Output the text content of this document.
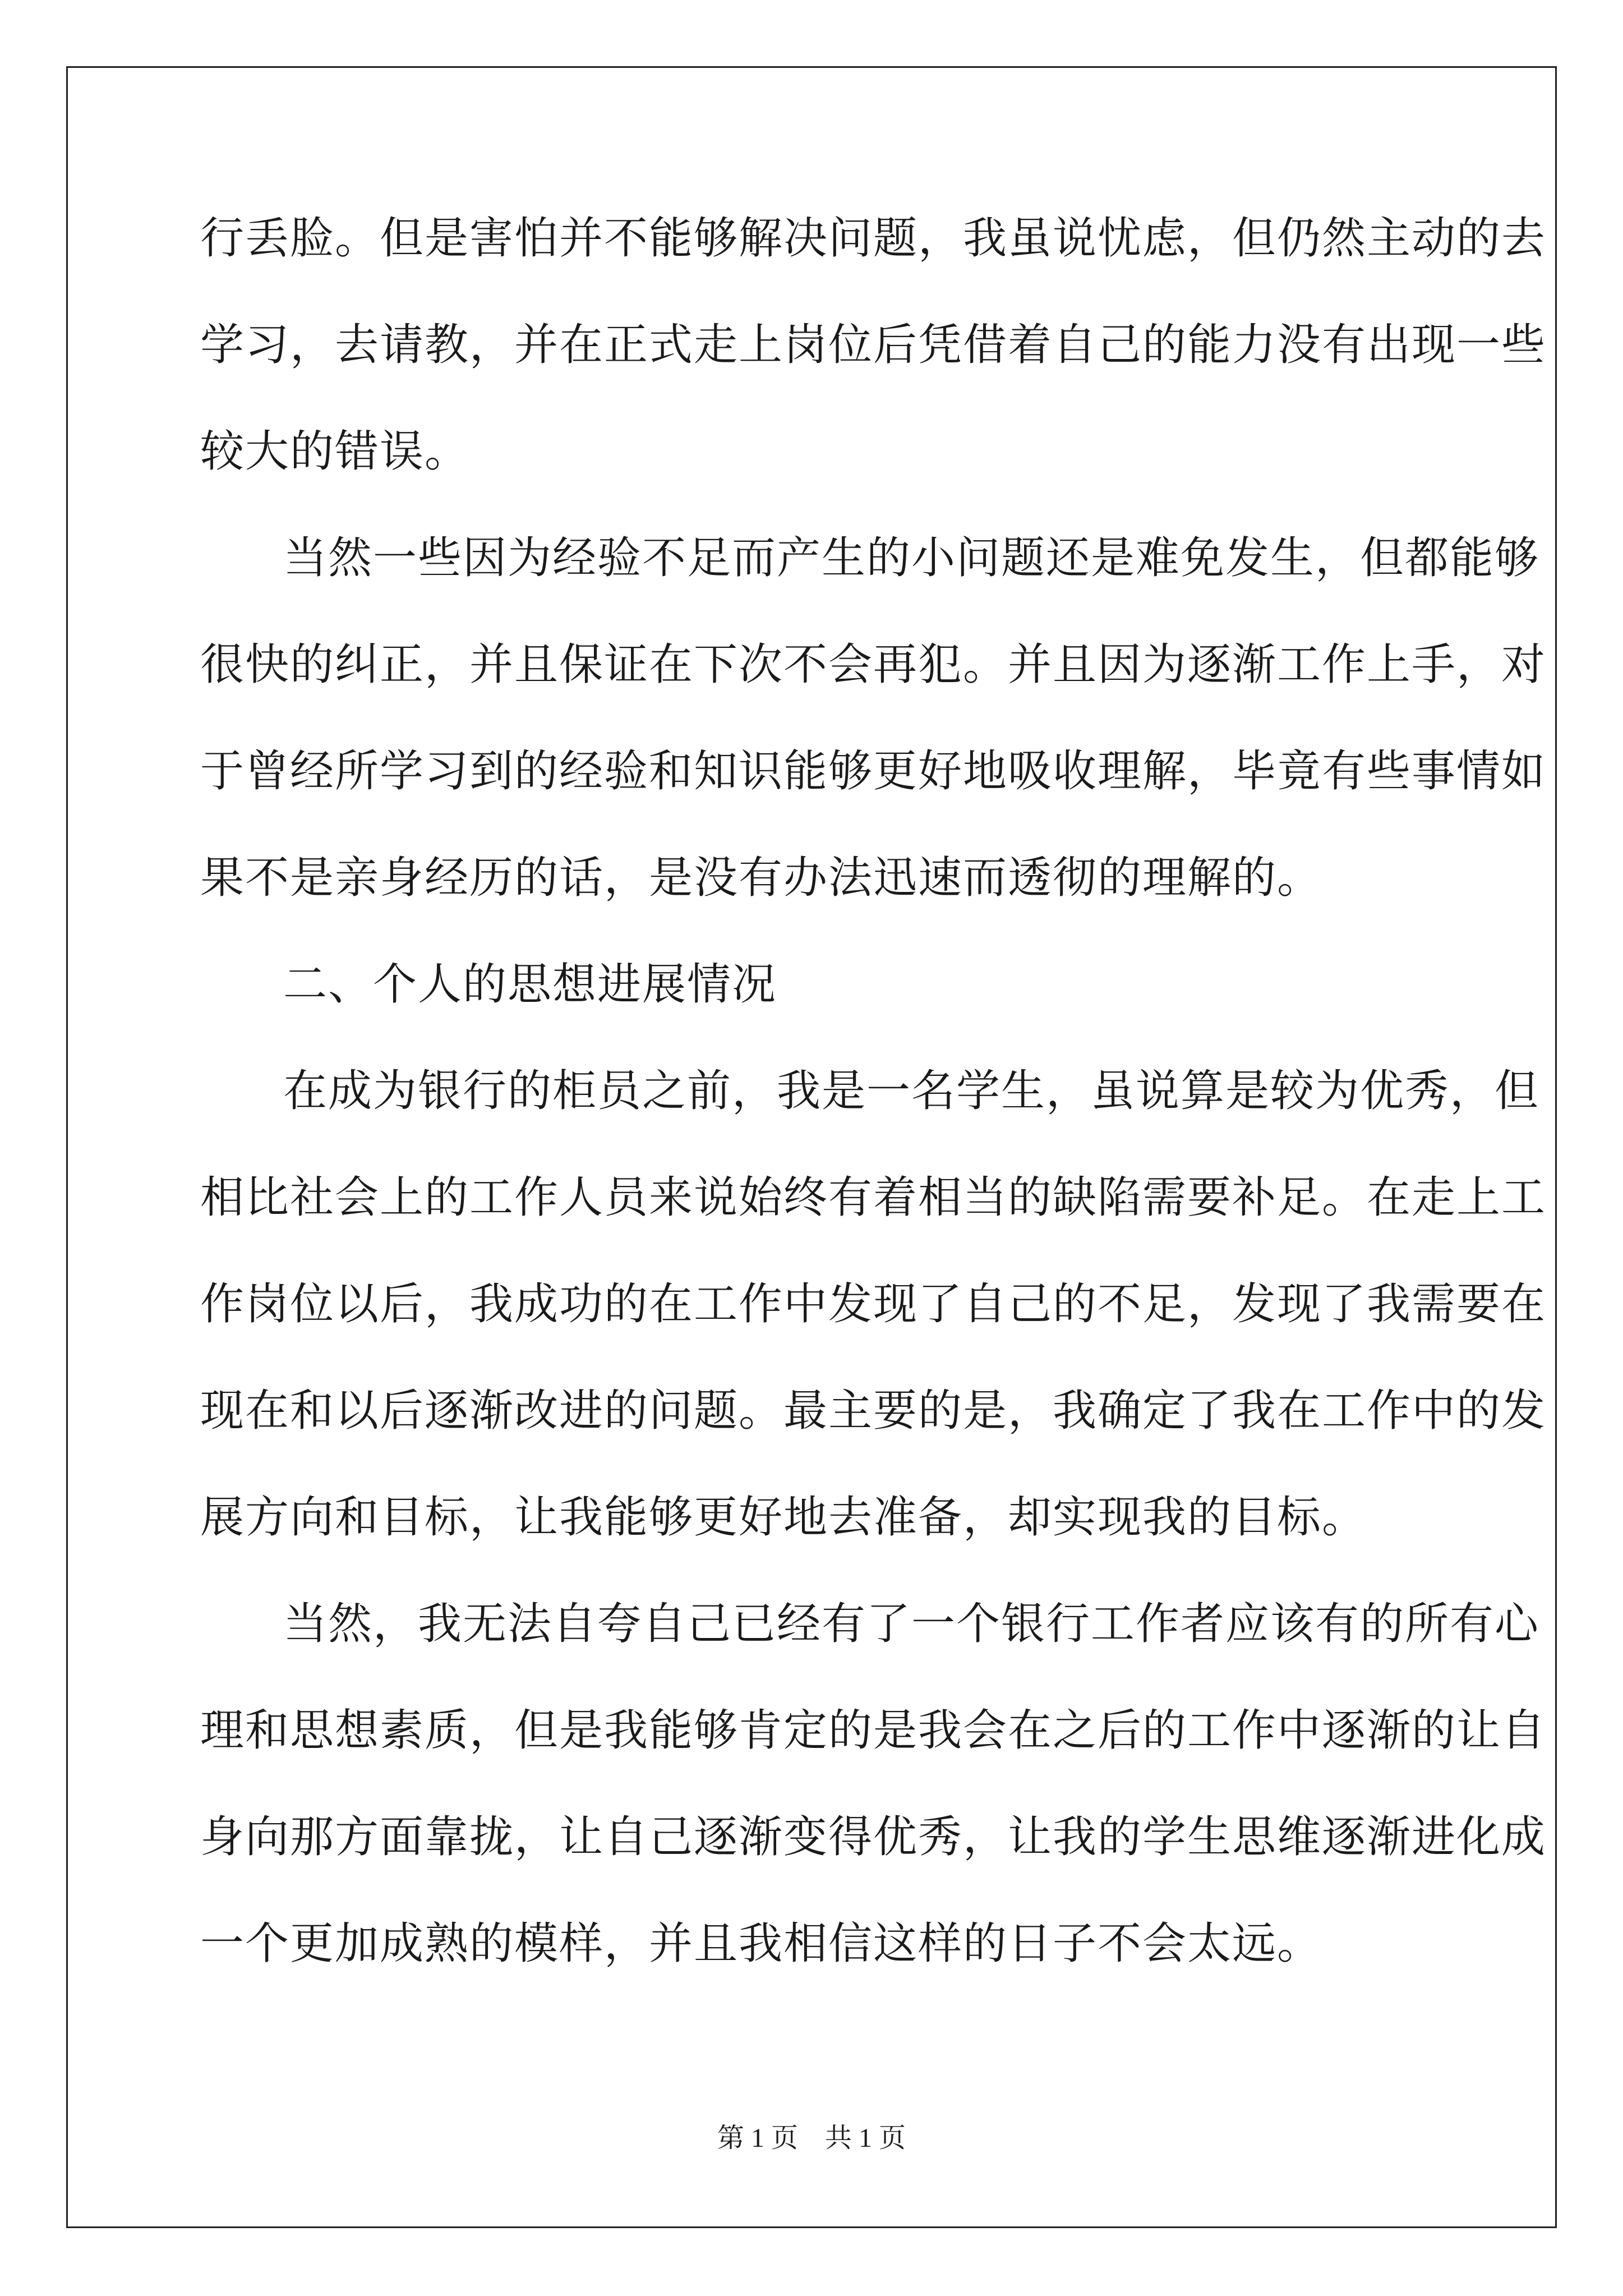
行丢脸。但是害怕并不能够解决问题，我虽说忧虑，但仍然主动的去
学习，去请教，并在正式走上岗位后凭借着自己的能力没有出现一些
较大的错误。
当然一些因为经验不足而产生的小问题还是难免发生，但都能够
很快的纠正，并且保证在下次不会再犯。并且因为逐渐工作上手，对
于曾经所学习到的经验和知识能够更好地吸收理解，毕竟有些事情如
果不是亲身经历的话，是没有办法迅速而透彻的理解的。
二、个人的思想进展情况
在成为银行的柜员之前，我是一名学生，虽说算是较为优秀，但
相比社会上的工作人员来说始终有着相当的缺陷需要补足。在走上工
作岗位以后，我成功的在工作中发现了自己的不足，发现了我需要在
现在和以后逐渐改进的问题。最主要的是，我确定了我在工作中的发
展方向和目标，让我能够更好地去准备，却实现我的目标。
当然，我无法自夸自己已经有了一个银行工作者应该有的所有心
理和思想素质，但是我能够肯定的是我会在之后的工作中逐渐的让自
身向那方面靠拢，让自己逐渐变得优秀，让我的学生思维逐渐进化成
一个更加成熟的模样，并且我相信这样的日子不会太远。
第 1 页    共 1 页
